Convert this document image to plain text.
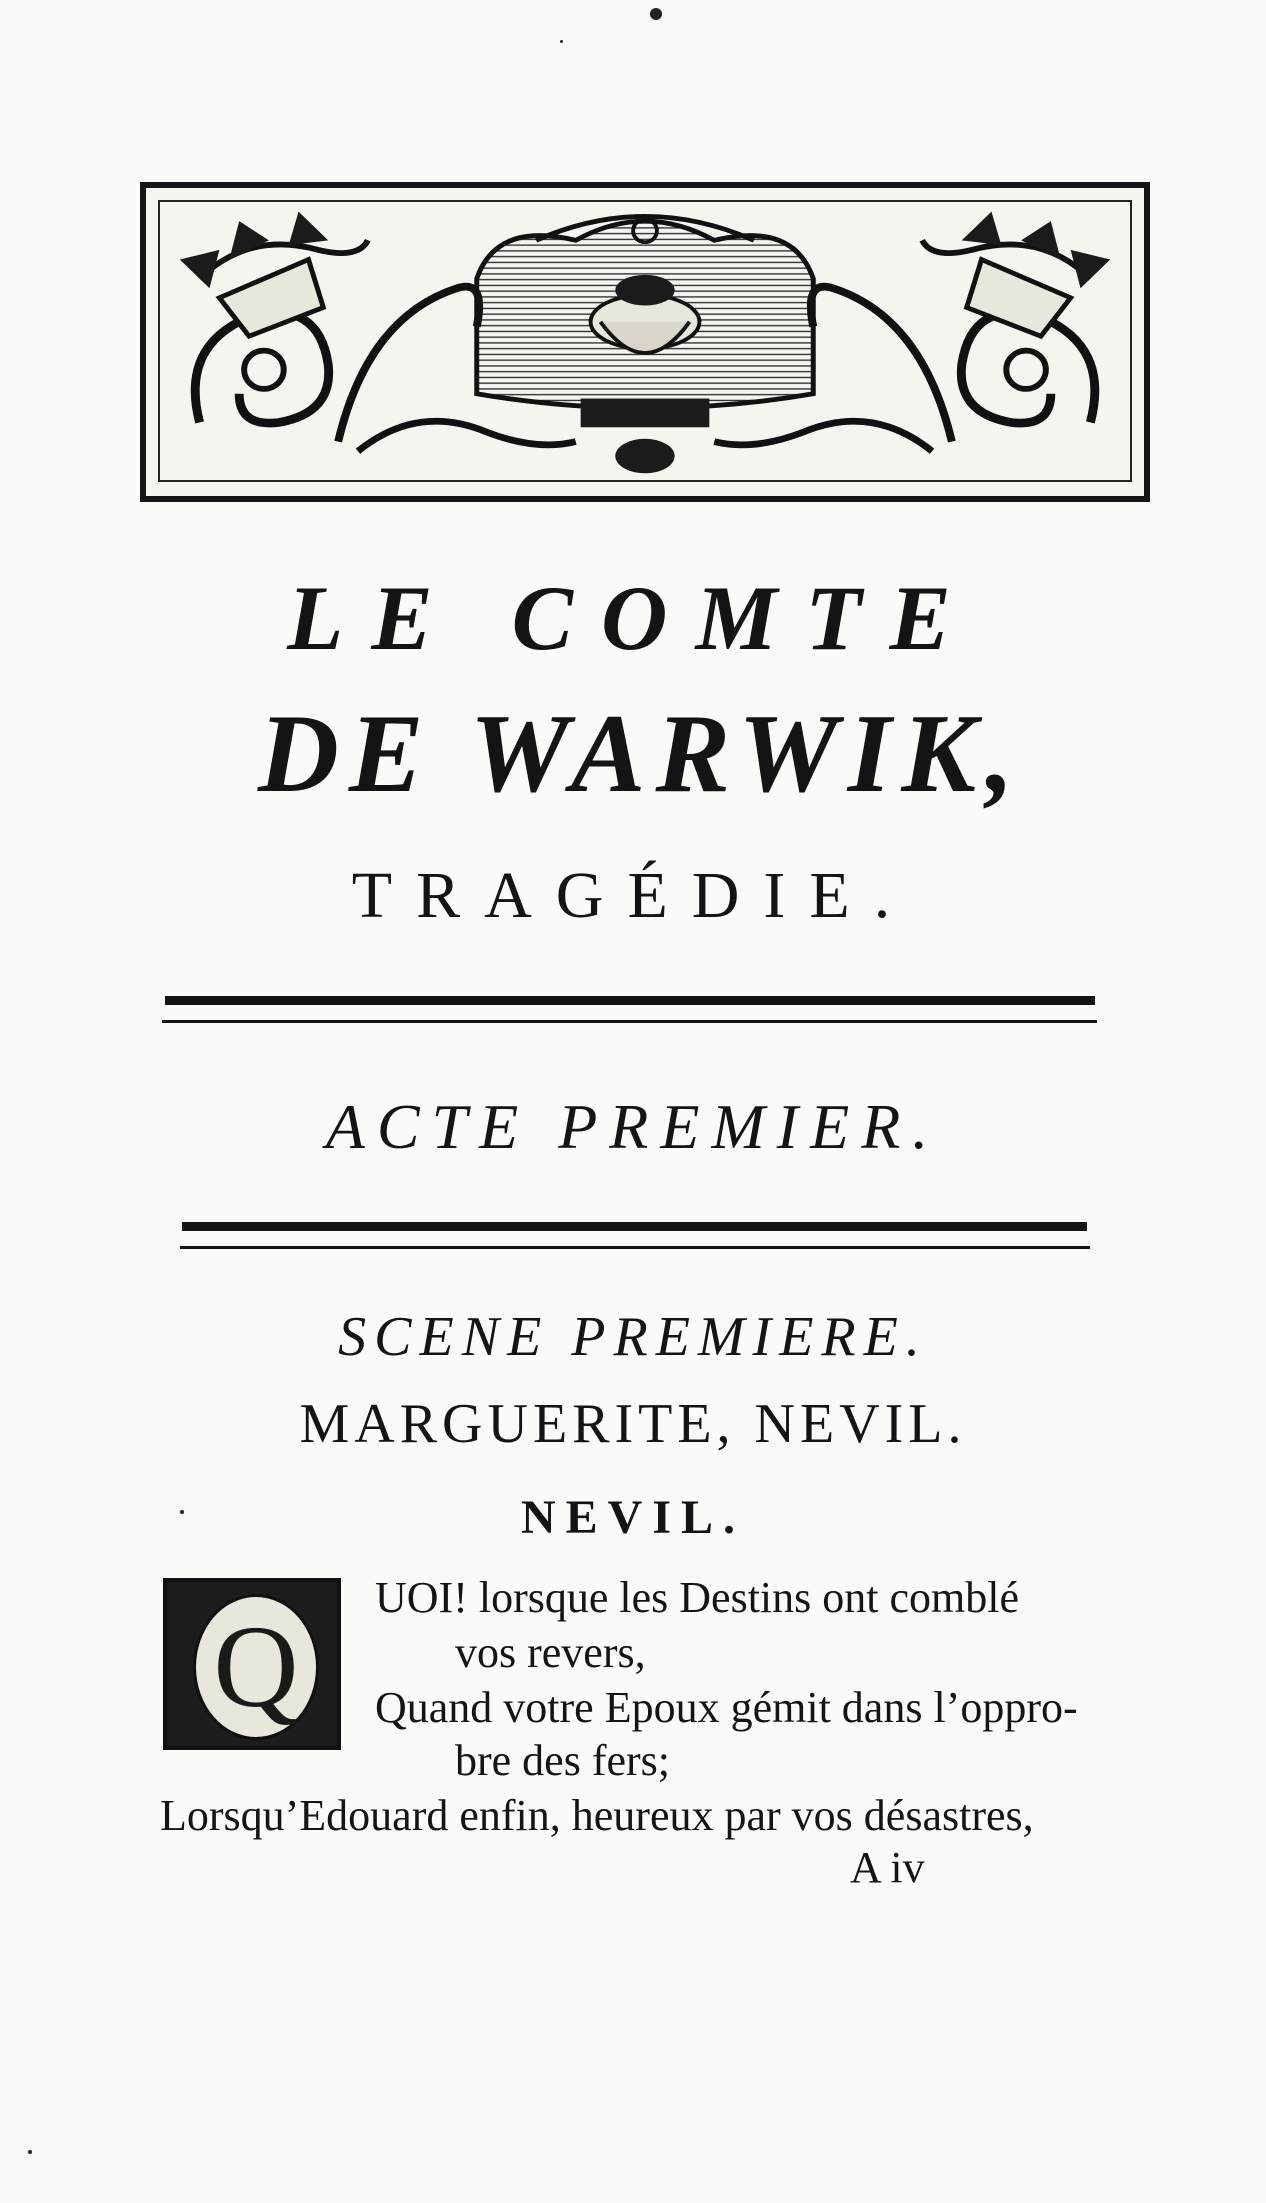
LE COMTE
DE WARWIK,
TRAGÉDIE.
ACTE PREMIER.
SCENE PREMIERE.
MARGUERITE, NEVIL.
NEVIL.
Q
UOI! lorsque les Destins ont comblé
vos revers,
Quand votre Epoux gémit dans l’oppro-
bre des fers;
Lorsqu’Edouard enfin, heureux par vos désastres,
A iv
